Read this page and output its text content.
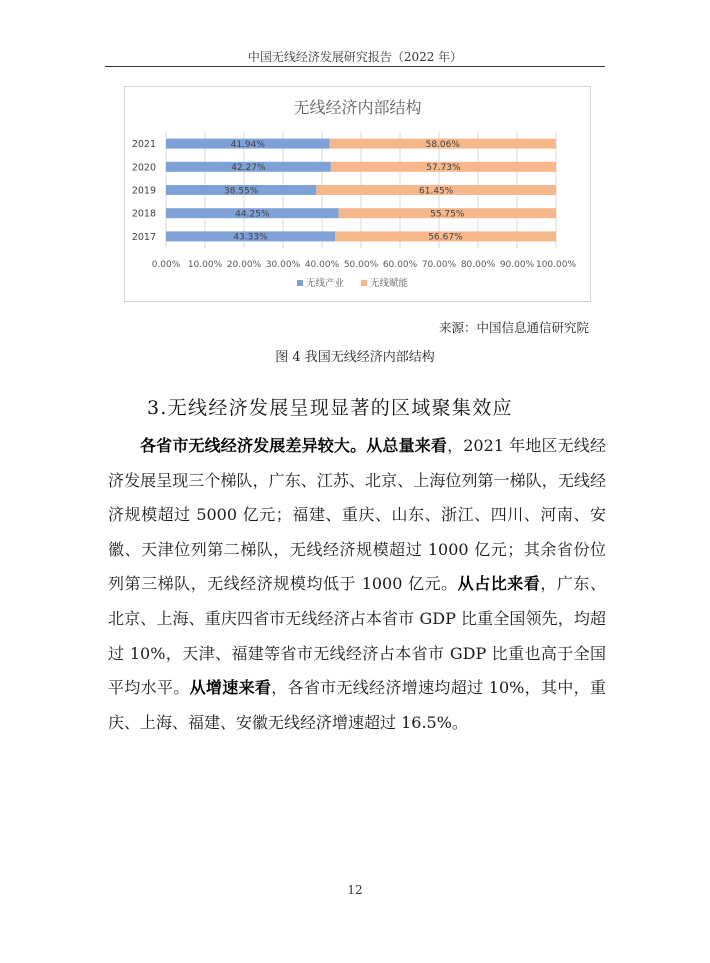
中国无线经济发展研究报告（2022 年）
无线经济内部结构
41.94%	58.06%
42.27%	57.73%
38.55%	61.45%
44.25%	55.75%
43.33%	56.67%
2021
2020
2019
2018
2017
0.00% 10.00% 20.00% 30.00% 40.00% 50.00% 60.00% 70.00% 80.00% 90.00% 100.00%
无线产业	无线赋能
来源：中国信息通信研究院
图 4 我国无线经济内部结构
3.无线经济发展呈现显著的区域聚集效应

各省市无线经济发展差异较大。从总量来看，2021 年地区无线经济发展呈现三个梯队，广东、江苏、北京、上海位列第一梯队，无线经济规模超过 5000 亿元；福建、重庆、山东、浙江、四川、河南、安徽、天津位列第二梯队，无线经济规模超过 1000 亿元；其余省份位列第三梯队，无线经济规模均低于 1000 亿元。从占比来看，广东、北京、上海、重庆四省市无线经济占本省市 GDP 比重全国领先，均超过 10%，天津、福建等省市无线经济占本省市 GDP 比重也高于全国平均水平。从增速来看，各省市无线经济增速均超过 10%，其中，重庆、上海、福建、安徽无线经济增速超过 16.5%。

12
